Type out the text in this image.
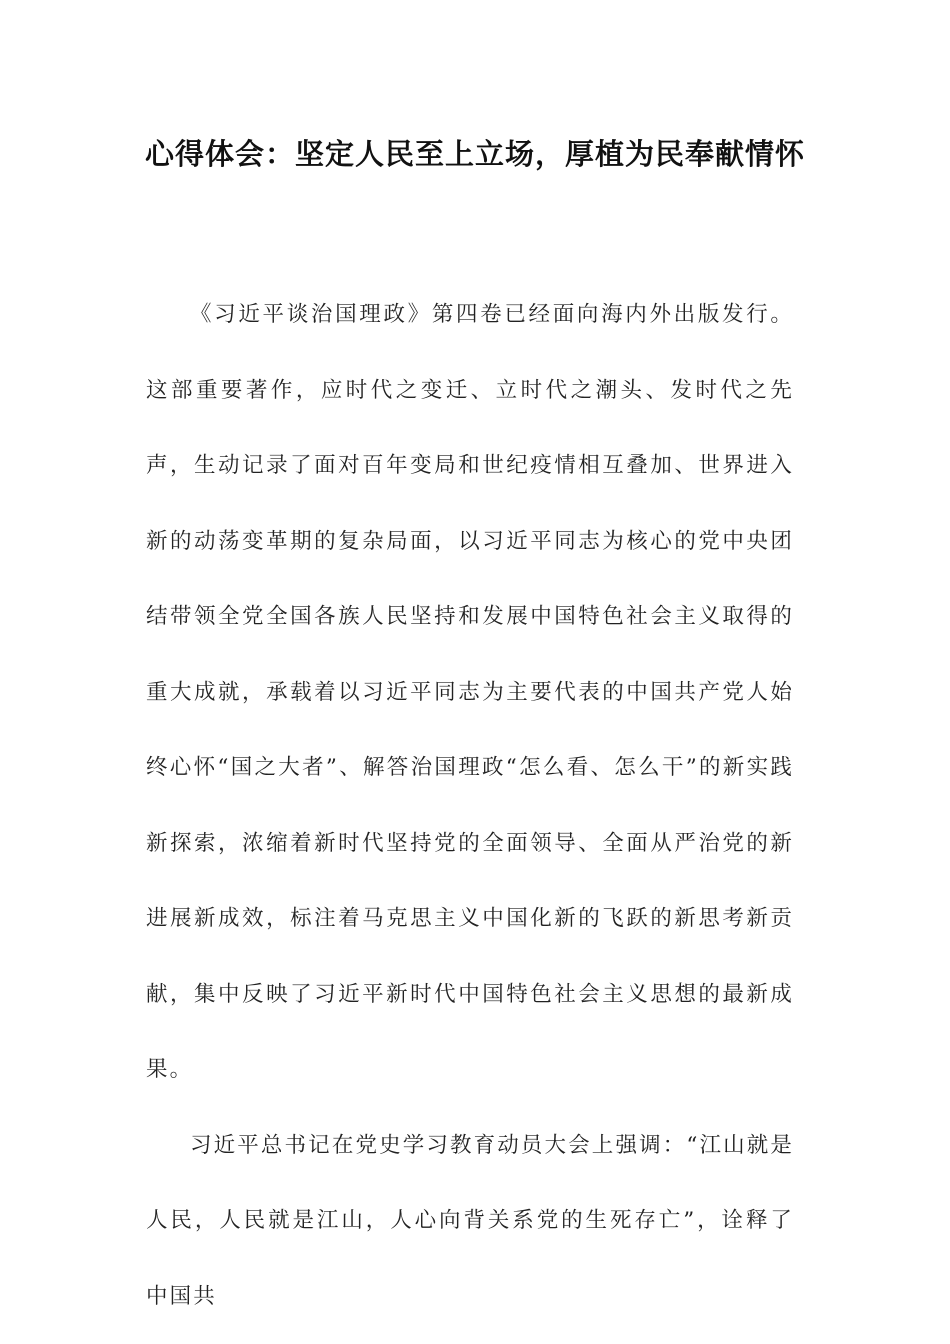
心得体会：坚定人民至上立场，厚植为民奉献情怀

《习近平谈治国理政》第四卷已经面向海内外出版发行。这部重要著作，应时代之变迁、立时代之潮头、发时代之先声，生动记录了面对百年变局和世纪疫情相互叠加、世界进入新的动荡变革期的复杂局面，以习近平同志为核心的党中央团结带领全党全国各族人民坚持和发展中国特色社会主义取得的重大成就，承载着以习近平同志为主要代表的中国共产党人始终心怀“国之大者”、解答治国理政“怎么看、怎么干”的新实践新探索，浓缩着新时代坚持党的全面领导、全面从严治党的新进展新成效，标注着马克思主义中国化新的飞跃的新思考新贡献，集中反映了习近平新时代中国特色社会主义思想的最新成果。

习近平总书记在党史学习教育动员大会上强调：“江山就是人民，人民就是江山，人心向背关系党的生死存亡”，诠释了中国共
